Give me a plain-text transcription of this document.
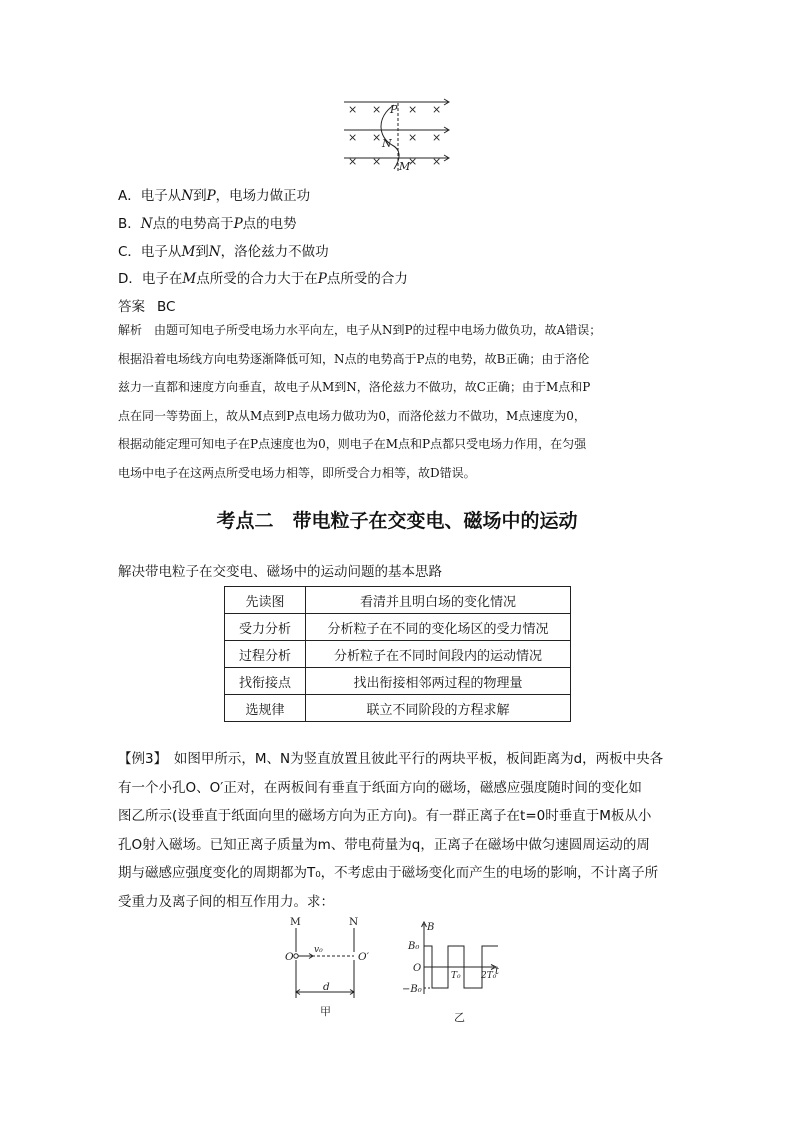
× × × ×
× × × ×
× × × ×
P
N
M
A．电子从N到P，电场力做正功
B．N点的电势高于P点的电势
C．电子从M到N，洛伦兹力不做功
D．电子在M点所受的合力大于在P点所受的合力
答案 BC

解析　由题可知电子所受电场力水平向左，电子从N到P的过程中电场力做负功，故A错误；

根据沿着电场线方向电势逐渐降低可知，N点的电势高于P点的电势，故B正确；由于洛伦

兹力一直都和速度方向垂直，故电子从M到N，洛伦兹力不做功，故C正确；由于M点和P

点在同一等势面上，故从M点到P点电场力做功为0，而洛伦兹力不做功，M点速度为0，

根据动能定理可知电子在P点速度也为0，则电子在M点和P点都只受电场力作用，在匀强

电场中电子在这两点所受电场力相等，即所受合力相等，故D错误。

考点二　带电粒子在交变电、磁场中的运动
解决带电粒子在交变电、磁场中的运动问题的基本思路
先读图	看清并且明白场的变化情况
受力分析	分析粒子在不同的变化场区的受力情况
过程分析	分析粒子在不同时间段内的运动情况
找衔接点	找出衔接相邻两过程的物理量
选规律	联立不同阶段的方程求解

【例3】　如图甲所示，M、N为竖直放置且彼此平行的两块平板，板间距离为d，两板中央各

有一个小孔O、O′正对，在两板间有垂直于纸面方向的磁场，磁感应强度随时间的变化如

图乙所示(设垂直于纸面向里的磁场方向为正方向)。有一群正离子在t=0时垂直于M板从小

孔O射入磁场。已知正离子质量为m、带电荷量为q，正离子在磁场中做匀速圆周运动的周

期与磁感应强度变化的周期都为T₀，不考虑由于磁场变化而产生的电场的影响，不计离子所

受重力及离子间的相互作用力。求：

M	N
O	O′
v₀
d
甲
B
B₀
−B₀
O
T₀ 2T₀
t
乙
